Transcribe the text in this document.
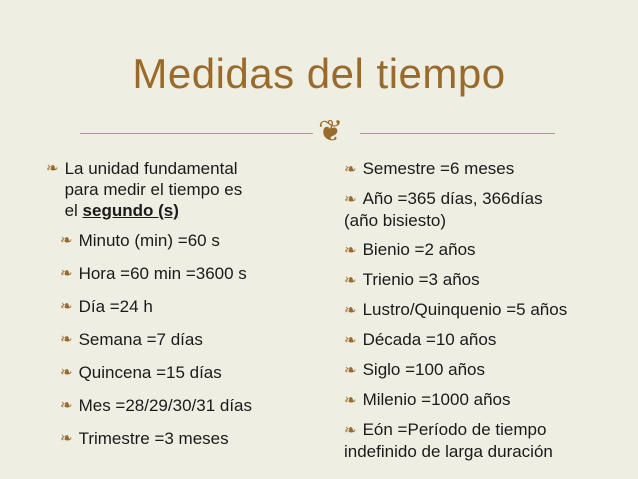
Medidas del tiempo
❦
❧ La unidad fundamental
para medir el tiempo es
el segundo (s)
❧ Minuto (min) =60 s
❧ Hora =60 min =3600 s
❧ Día =24 h
❧ Semana =7 días
❧ Quincena =15 días
❧ Mes =28/29/30/31 días
❧ Trimestre =3 meses
❧ Semestre =6 meses
❧ Año =365 días, 366días
(año bisiesto)
❧ Bienio =2 años
❧ Trienio =3 años
❧ Lustro/Quinquenio =5 años
❧ Década =10 años
❧ Siglo =100 años
❧ Milenio =1000 años
❧ Eón =Período de tiempo
indefinido de larga duración
